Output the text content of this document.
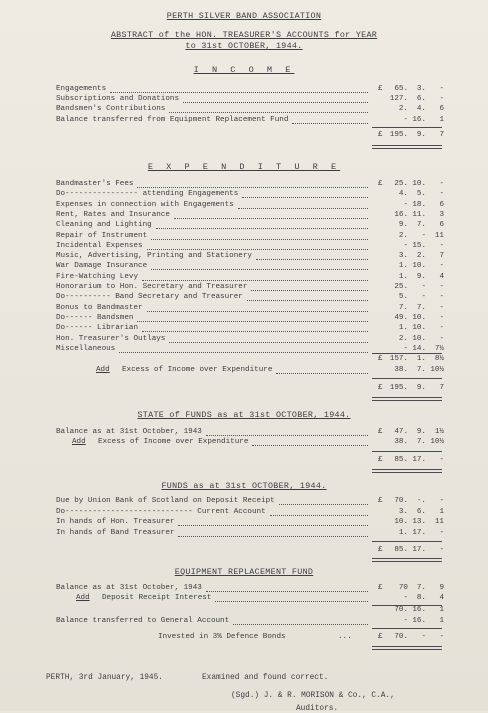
PERTH SILVER BAND ASSOCIATION
ABSTRACT of the HON. TREASURER'S ACCOUNTS for YEAR
to 31st OCTOBER, 1944.
I N C O M E
Engagements	£	65.	3.	-
Subscriptions and Donations	127.	6.	-
Bandsmen's Contributions	2.	4.	6
Balance transferred from Equipment Replacement Fund	- 16.	1
£ 195.	9.	7
E X P E N D I T U R E
Bandmaster's Fees	£	25. 10.	-
Do---------------- attending Engagements	4.	5.	-
Expenses in connection with Engagements	- 18.	6
Rent, Rates and Insurance	16. 11.	3
Cleaning and Lighting	9.	7.	6
Repair of Instrument	2.	-	11
Incidental Expenses	- 15.	-
Music, Advertising, Printing and Stationery	3.	2.	7
War Damage Insurance	1. 10.	-
Fire-Watching Levy	1.	9.	4
Honorarium to Hon. Secretary and Treasurer	25.	-	-
Do---------- Band Secretary and Treasurer	5.	-	-
Bonus to Bandmaster	7.	7.	-
Do------ Bandsmen	49. 10.	-
Do------ Librarian	1. 10.	-
Hon. Treasurer's Outlays	2. 10.	-
Miscellaneous	- 14.	7½
£ 157.	1.	8½
Add Excess of Income over Expenditure	38.	7. 10½
£ 195.	9.	7
STATE of FUNDS as at 31st OCTOBER, 1944.
Balance as at 31st October, 1943	£	47.	9.	1½
Add Excess of Income over Expenditure	38.	7. 10½
£	85. 17.	-
FUNDS as at 31st OCTOBER, 1944.
Due by Union Bank of Scotland on Deposit Receipt	£	70.	-.	-
Do---------------------------- Current Account	3.	6.	1
In hands of Hon. Treasurer	10. 13.	11
In hands of Band Treasurer	1. 17.	-
£	85. 17.	-
EQUIPMENT REPLACEMENT FUND
Balance as at 31st October, 1943	£	70	7.	9
Add Deposit Receipt Interest	-	8.	4
70. 16.	1
Balance transferred to General Account	- 16.	1
Invested in 3% Defence Bonds	...	£	70.	-	-
PERTH, 3rd January, 1945.	Examined and found correct.
(Sgd.) J. & R. MORISON & Co., C.A.,
Auditors.
